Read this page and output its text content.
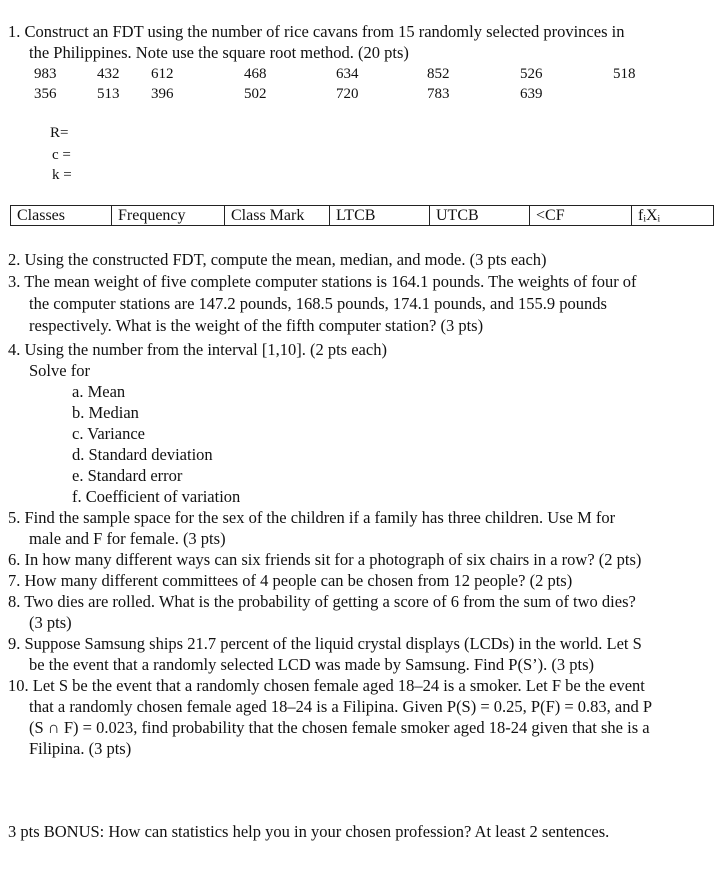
1. Construct an FDT using the number of rice cavans from 15 randomly selected provinces in
the Philippines. Note use the square root method. (20 pts)
983	432 612	468	634	852	526	518
356	513 396	502	720	783	639
R=
c =
k =
Classes	Frequency	Class Mark	LTCB	UTCB	<CF	fᵢXᵢ
2. Using the constructed FDT, compute the mean, median, and mode. (3 pts each)
3. The mean weight of five complete computer stations is 164.1 pounds. The weights of four of
the computer stations are 147.2 pounds, 168.5 pounds, 174.1 pounds, and 155.9 pounds
respectively. What is the weight of the fifth computer station? (3 pts)
4. Using the number from the interval [1,10]. (2 pts each)
Solve for
a. Mean
b. Median
c. Variance
d. Standard deviation
e. Standard error
f. Coefficient of variation
5. Find the sample space for the sex of the children if a family has three children. Use M for
male and F for female. (3 pts)
6. In how many different ways can six friends sit for a photograph of six chairs in a row? (2 pts)
7. How many different committees of 4 people can be chosen from 12 people? (2 pts)
8. Two dies are rolled. What is the probability of getting a score of 6 from the sum of two dies?
(3 pts)
9. Suppose Samsung ships 21.7 percent of the liquid crystal displays (LCDs) in the world. Let S
be the event that a randomly selected LCD was made by Samsung. Find P(S’). (3 pts)
10. Let S be the event that a randomly chosen female aged 18–24 is a smoker. Let F be the event
that a randomly chosen female aged 18–24 is a Filipina. Given P(S) = 0.25, P(F) = 0.83, and P
(S ∩ F) = 0.023, find probability that the chosen female smoker aged 18-24 given that she is a
Filipina. (3 pts)
3 pts BONUS: How can statistics help you in your chosen profession? At least 2 sentences.
